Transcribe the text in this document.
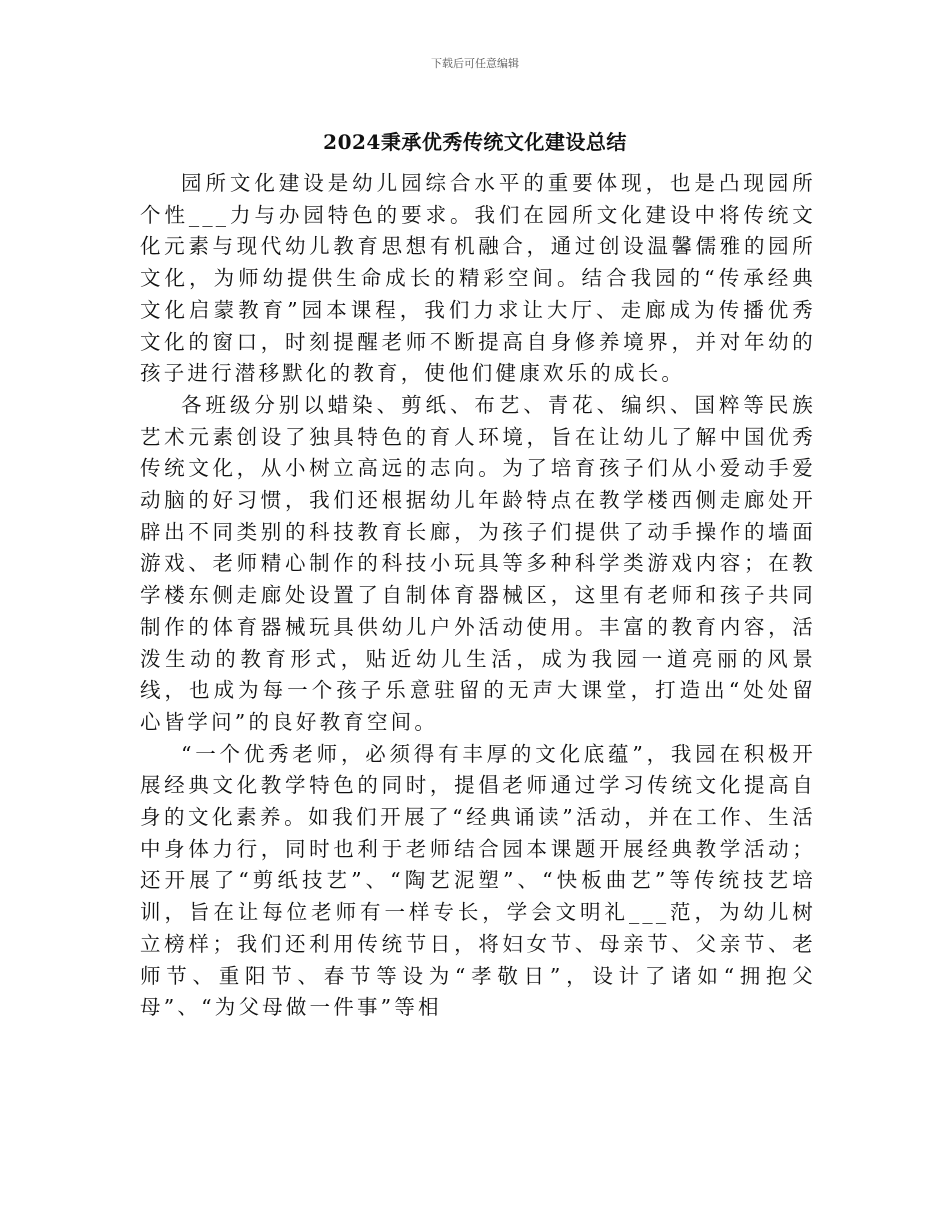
下载后可任意编辑
2024秉承优秀传统文化建设总结

园所文化建设是幼儿园综合水平的重要体现，也是凸现园所个性___力与办园特色的要求。我们在园所文化建设中将传统文化元素与现代幼儿教育思想有机融合，通过创设温馨儒雅的园所文化，为师幼提供生命成长的精彩空间。结合我园的“传承经典文化启蒙教育”园本课程，我们力求让大厅、走廊成为传播优秀文化的窗口，时刻提醒老师不断提高自身修养境界，并对年幼的孩子进行潜移默化的教育，使他们健康欢乐的成长。

各班级分别以蜡染、剪纸、布艺、青花、编织、国粹等民族艺术元素创设了独具特色的育人环境，旨在让幼儿了解中国优秀传统文化，从小树立高远的志向。为了培育孩子们从小爱动手爱动脑的好习惯，我们还根据幼儿年龄特点在教学楼西侧走廊处开辟出不同类别的科技教育长廊，为孩子们提供了动手操作的墙面游戏、老师精心制作的科技小玩具等多种科学类游戏内容；在教学楼东侧走廊处设置了自制体育器械区，这里有老师和孩子共同制作的体育器械玩具供幼儿户外活动使用。丰富的教育内容，活泼生动的教育形式，贴近幼儿生活，成为我园一道亮丽的风景线，也成为每一个孩子乐意驻留的无声大课堂，打造出“处处留心皆学问”的良好教育空间。

“一个优秀老师，必须得有丰厚的文化底蕴”，我园在积极开展经典文化教学特色的同时，提倡老师通过学习传统文化提高自身的文化素养。如我们开展了“经典诵读”活动，并在工作、生活中身体力行，同时也利于老师结合园本课题开展经典教学活动；还开展了“剪纸技艺”、“陶艺泥塑”、“快板曲艺”等传统技艺培训，旨在让每位老师有一样专长，学会文明礼___范，为幼儿树立榜样；我们还利用传统节日，将妇女节、母亲节、父亲节、老师节、重阳节、春节等设为“孝敬日”，设计了诸如“拥抱父母”、“为父母做一件事”等相
